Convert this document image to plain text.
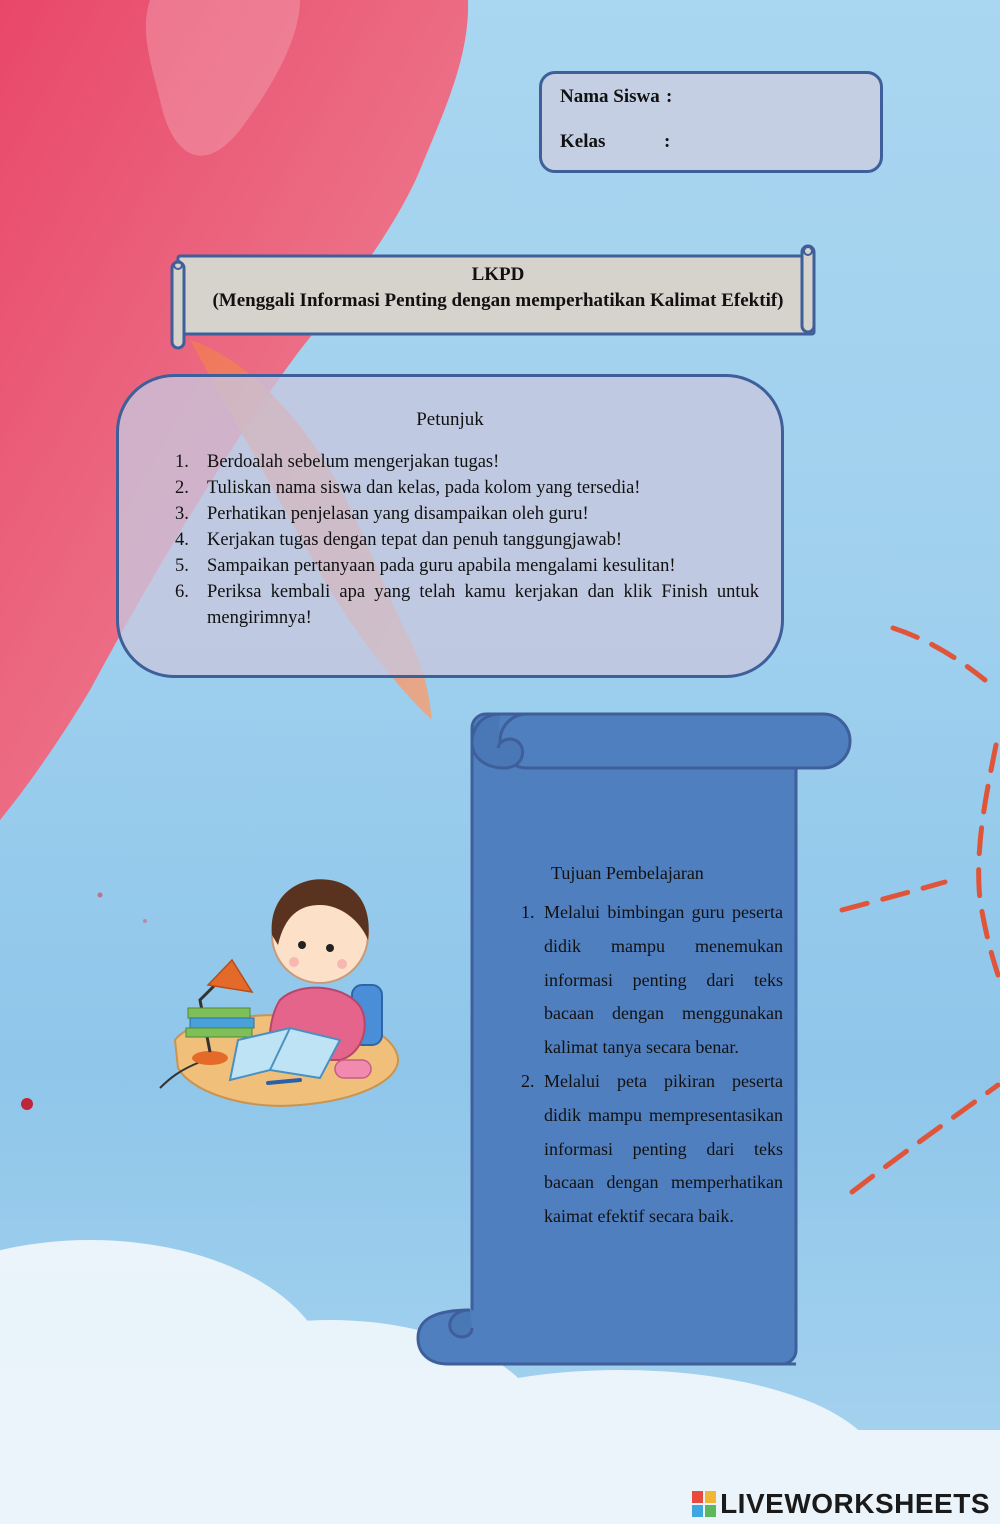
Nama Siswa :
Kelas	:
LKPD
(Menggali Informasi Penting dengan memperhatikan Kalimat Efektif)
Petunjuk
1. Berdoalah sebelum mengerjakan tugas!
2. Tuliskan nama siswa dan kelas, pada kolom yang tersedia!
3. Perhatikan penjelasan yang disampaikan oleh guru!
4. Kerjakan tugas dengan tepat dan penuh tanggungjawab!
5. Sampaikan pertanyaan pada guru apabila mengalami kesulitan!
6. Periksa kembali apa yang telah kamu kerjakan dan klik Finish untuk mengirimnya!
Tujuan Pembelajaran
1. Melalui bimbingan guru peserta didik mampu menemukan informasi penting dari teks bacaan dengan menggunakan kalimat tanya secara benar.
2. Melalui peta pikiran peserta didik mampu mempresentasikan informasi penting dari teks bacaan dengan memperhatikan kaimat efektif secara baik.
LIVEWORKSHEETS
